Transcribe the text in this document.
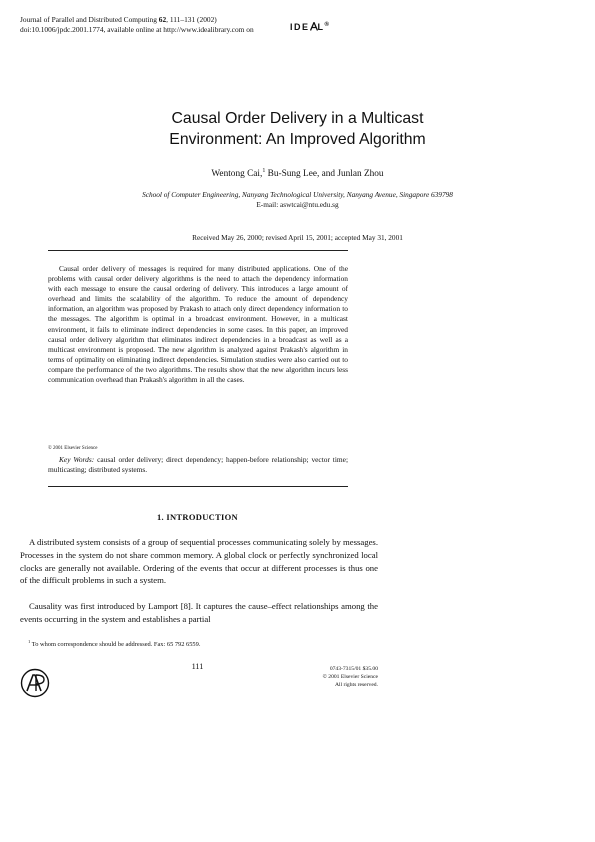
Journal of Parallel and Distributed Computing 62, 111–131 (2002)
doi:10.1006/jpdc.2001.1774, available online at http://www.idealibrary.com on	IDE L®
Causal Order Delivery in a Multicast
Environment: An Improved Algorithm
Wentong Cai,$^1$ Bu-Sung Lee, and Junlan Zhou
School of Computer Engineering, Nanyang Technological University, Nanyang Avenue, Singapore 639798
E-mail: aswtcai@ntu.edu.sg
Received May 26, 2000; revised April 15, 2001; accepted May 31, 2001

Causal order delivery of messages is required for many distributed applications. One of the problems with causal order delivery algorithms is the need to attach the dependency information with each message to ensure the causal ordering of delivery. This introduces a large amount of overhead and limits the scalability of the algorithm. To reduce the amount of dependency information, an algorithm was proposed by Prakash to attach only direct dependency information to the messages. The algorithm is optimal in a broadcast environment. However, in a multicast environment, it fails to eliminate indirect dependencies in some cases. In this paper, an improved causal order delivery algorithm that eliminates indirect dependencies in a broadcast as well as a multicast environment is proposed. The new algorithm is analyzed against Prakash's algorithm in terms of optimality on eliminating indirect dependencies. Simulation studies were also carried out to compare the performance of the two algorithms. The results show that the new algorithm incurs less communication overhead than Prakash's algorithm in all the cases.

© 2001 Elsevier Science

Key Words: causal order delivery; direct dependency; happen-before relationship; vector time; multicasting; distributed systems.

1. INTRODUCTION

A distributed system consists of a group of sequential processes communicating solely by messages. Processes in the system do not share common memory. A global clock or perfectly synchronized local clocks are generally not available. Ordering of the events that occur at different processes is thus one of the difficult problems in such a system.

Causality was first introduced by Lamport [8]. It captures the cause–effect relationships among the events occurring in the system and establishes a partial

$^1$ To whom correspondence should be addressed. Fax: 65 792 6559.
111	0743-7315/01 $35.00
© 2001 Elsevier Science
All rights reserved.
